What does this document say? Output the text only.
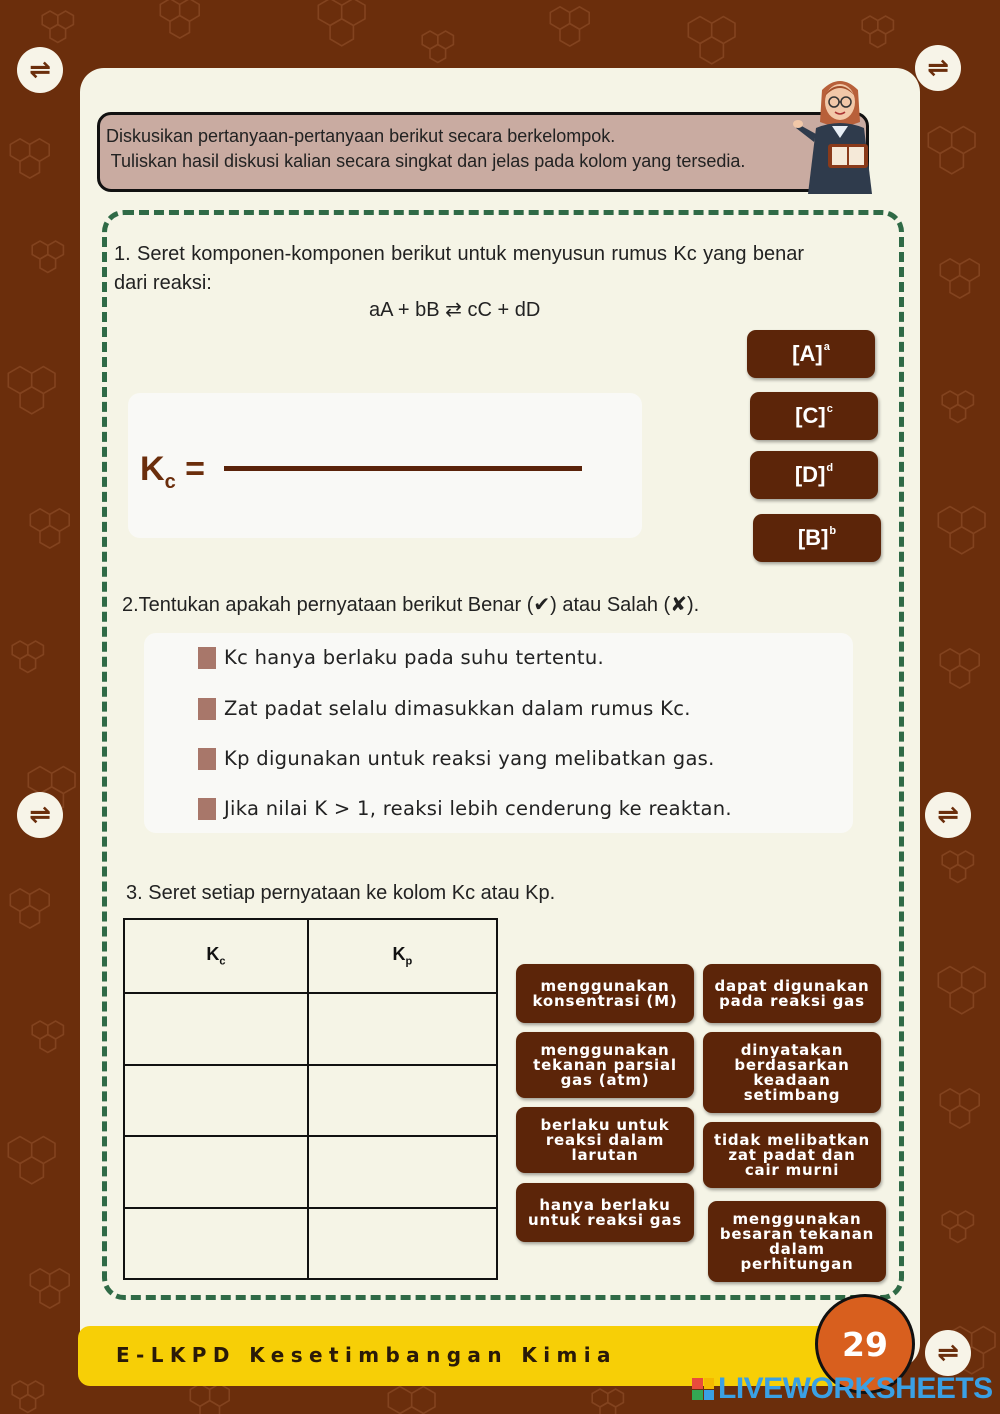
⇌	⇌
⇌	⇌
⇌
Diskusikan pertanyaan-pertanyaan berikut secara berkelompok.
Tuliskan hasil diskusi kalian secara singkat dan jelas pada kolom yang tersedia.
1. Seret komponen-komponen berikut untuk menyusun rumus Kc yang benar dari reaksi:
aA + bB ⇄ cC + dD
$K_c$ =
[A] a
[C] c
[D] d
[B] b
2.Tentukan apakah pernyataan berikut Benar (✔) atau Salah (✘).
Kc hanya berlaku pada suhu tertentu.
Zat padat selalu dimasukkan dalam rumus Kc.
Kp digunakan untuk reaksi yang melibatkan gas.
Jika nilai K > 1, reaksi lebih cenderung ke reaktan.
3. Seret setiap pernyataan ke kolom Kc atau Kp.
$K_c$	$K_p$

menggunakan konsentrasi (M)
menggunakan tekanan parsial gas (atm)
berlaku untuk reaksi dalam larutan
hanya berlaku untuk reaksi gas
dapat digunakan pada reaksi gas
dinyatakan berdasarkan keadaan setimbang
tidak melibatkan zat padat dan cair murni
menggunakan besaran tekanan dalam perhitungan
E-LKPD Kesetimbangan Kimia	29
LIVEWORKSHEETS
